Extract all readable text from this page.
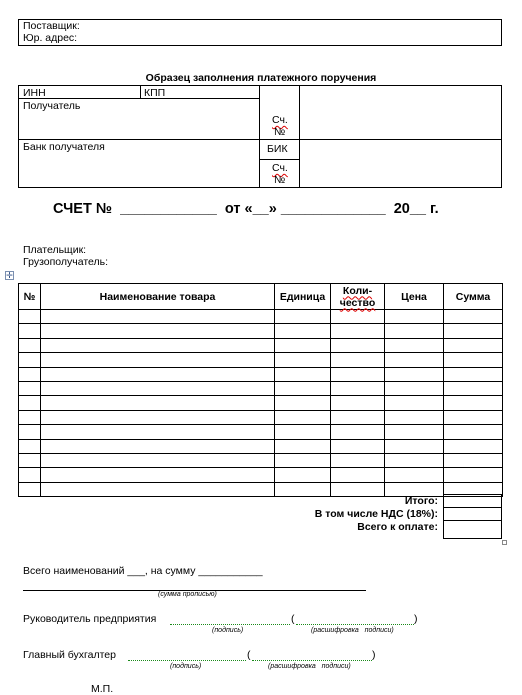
Поставщик:
Юр. адрес:
Образец заполнения платежного поручения
ИНН	КПП
Получатель
Сч.
№
Банк получателя	БИК
Сч.
№
СЧЕТ №  ____________  от «__» _____________  20__ г.
Плательщик:
Грузополучатель:
✛
№	Наименование товара	Единица	Коли-
чество	Цена	Сумма

Итого:
В том числе НДС (18%):
Всего к оплате:
Всего наименований ___, на сумму ___________
(сумма прописью)
Руководитель предприятия	(	)
(подпись)	(расшифровка   подписи)
Главный бухгалтер	(	)
(подпись)	(расшифровка   подписи)
М.П.
